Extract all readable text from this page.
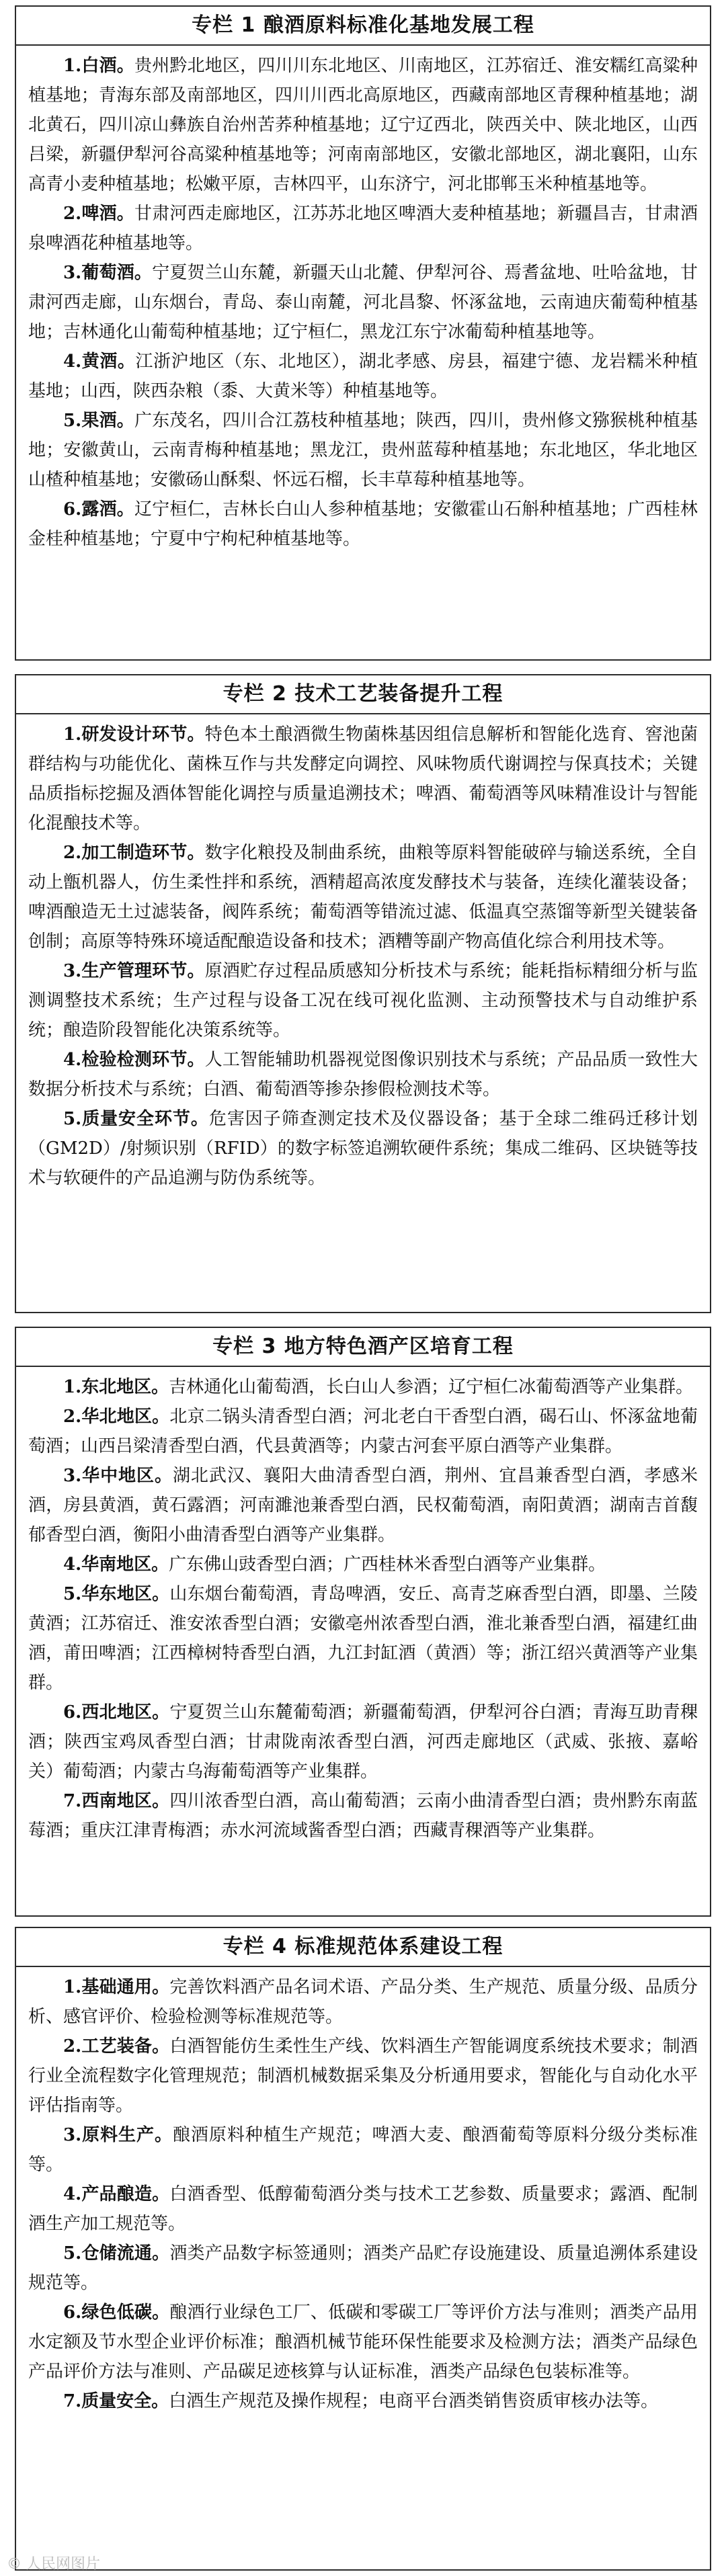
专栏 1 酿酒原料标准化基地发展工程

1.白酒。贵州黔北地区，四川川东北地区、川南地区，江苏宿迁、淮安糯红高粱种植基地；青海东部及南部地区，四川川西北高原地区，西藏南部地区青稞种植基地；湖北黄石，四川凉山彝族自治州苦荞种植基地；辽宁辽西北，陕西关中、陕北地区，山西吕梁，新疆伊犁河谷高粱种植基地等；河南南部地区，安徽北部地区，湖北襄阳，山东高青小麦种植基地；松嫩平原，吉林四平，山东济宁，河北邯郸玉米种植基地等。

2.啤酒。甘肃河西走廊地区，江苏苏北地区啤酒大麦种植基地；新疆昌吉，甘肃酒泉啤酒花种植基地等。

3.葡萄酒。宁夏贺兰山东麓，新疆天山北麓、伊犁河谷、焉耆盆地、吐哈盆地，甘肃河西走廊，山东烟台，青岛、泰山南麓，河北昌黎、怀涿盆地，云南迪庆葡萄种植基地；吉林通化山葡萄种植基地；辽宁桓仁，黑龙江东宁冰葡萄种植基地等。

4.黄酒。江浙沪地区（东、北地区），湖北孝感、房县，福建宁德、龙岩糯米种植基地；山西，陕西杂粮（黍、大黄米等）种植基地等。

5.果酒。广东茂名，四川合江荔枝种植基地；陕西，四川，贵州修文猕猴桃种植基地；安徽黄山，云南青梅种植基地；黑龙江，贵州蓝莓种植基地；东北地区，华北地区山楂种植基地；安徽砀山酥梨、怀远石榴，长丰草莓种植基地等。

6.露酒。辽宁桓仁，吉林长白山人参种植基地；安徽霍山石斛种植基地；广西桂林金桂种植基地；宁夏中宁枸杞种植基地等。

专栏 2 技术工艺装备提升工程

1.研发设计环节。特色本土酿酒微生物菌株基因组信息解析和智能化选育、窖池菌群结构与功能优化、菌株互作与共发酵定向调控、风味物质代谢调控与保真技术；关键品质指标挖掘及酒体智能化调控与质量追溯技术；啤酒、葡萄酒等风味精准设计与智能化混酿技术等。

2.加工制造环节。数字化粮投及制曲系统，曲粮等原料智能破碎与输送系统，全自动上甑机器人，仿生柔性拌和系统，酒精超高浓度发酵技术与装备，连续化灌装设备；啤酒酿造无土过滤装备，阀阵系统；葡萄酒等错流过滤、低温真空蒸馏等新型关键装备创制；高原等特殊环境适配酿造设备和技术；酒糟等副产物高值化综合利用技术等。

3.生产管理环节。原酒贮存过程品质感知分析技术与系统；能耗指标精细分析与监测调整技术系统；生产过程与设备工况在线可视化监测、主动预警技术与自动维护系统；酿造阶段智能化决策系统等。

4.检验检测环节。人工智能辅助机器视觉图像识别技术与系统；产品品质一致性大数据分析技术与系统；白酒、葡萄酒等掺杂掺假检测技术等。

5.质量安全环节。危害因子筛查测定技术及仪器设备；基于全球二维码迁移计划（GM2D）/射频识别（RFID）的数字标签追溯软硬件系统；集成二维码、区块链等技术与软硬件的产品追溯与防伪系统等。

专栏 3 地方特色酒产区培育工程

1.东北地区。吉林通化山葡萄酒，长白山人参酒；辽宁桓仁冰葡萄酒等产业集群。

2.华北地区。北京二锅头清香型白酒；河北老白干香型白酒，碣石山、怀涿盆地葡萄酒；山西吕梁清香型白酒，代县黄酒等；内蒙古河套平原白酒等产业集群。

3.华中地区。湖北武汉、襄阳大曲清香型白酒，荆州、宜昌兼香型白酒，孝感米酒，房县黄酒，黄石露酒；河南濉池兼香型白酒，民权葡萄酒，南阳黄酒；湖南吉首馥郁香型白酒，衡阳小曲清香型白酒等产业集群。

4.华南地区。广东佛山豉香型白酒；广西桂林米香型白酒等产业集群。

5.华东地区。山东烟台葡萄酒，青岛啤酒，安丘、高青芝麻香型白酒，即墨、兰陵黄酒；江苏宿迁、淮安浓香型白酒；安徽亳州浓香型白酒，淮北兼香型白酒，福建红曲酒，莆田啤酒；江西樟树特香型白酒，九江封缸酒（黄酒）等；浙江绍兴黄酒等产业集群。

6.西北地区。宁夏贺兰山东麓葡萄酒；新疆葡萄酒，伊犁河谷白酒；青海互助青稞酒；陕西宝鸡凤香型白酒；甘肃陇南浓香型白酒，河西走廊地区（武威、张掖、嘉峪关）葡萄酒；内蒙古乌海葡萄酒等产业集群。

7.西南地区。四川浓香型白酒，高山葡萄酒；云南小曲清香型白酒；贵州黔东南蓝莓酒；重庆江津青梅酒；赤水河流域酱香型白酒；西藏青稞酒等产业集群。

专栏 4 标准规范体系建设工程

1.基础通用。完善饮料酒产品名词术语、产品分类、生产规范、质量分级、品质分析、感官评价、检验检测等标准规范等。

2.工艺装备。白酒智能仿生柔性生产线、饮料酒生产智能调度系统技术要求；制酒行业全流程数字化管理规范；制酒机械数据采集及分析通用要求，智能化与自动化水平评估指南等。

3.原料生产。酿酒原料种植生产规范；啤酒大麦、酿酒葡萄等原料分级分类标准等。

4.产品酿造。白酒香型、低醇葡萄酒分类与技术工艺参数、质量要求；露酒、配制酒生产加工规范等。

5.仓储流通。酒类产品数字标签通则；酒类产品贮存设施建设、质量追溯体系建设规范等。

6.绿色低碳。酿酒行业绿色工厂、低碳和零碳工厂等评价方法与准则；酒类产品用水定额及节水型企业评价标准；酿酒机械节能环保性能要求及检测方法；酒类产品绿色产品评价方法与准则、产品碳足迹核算与认证标准，酒类产品绿色包装标准等。

7.质量安全。白酒生产规范及操作规程；电商平台酒类销售资质审核办法等。

© 人民网图片
